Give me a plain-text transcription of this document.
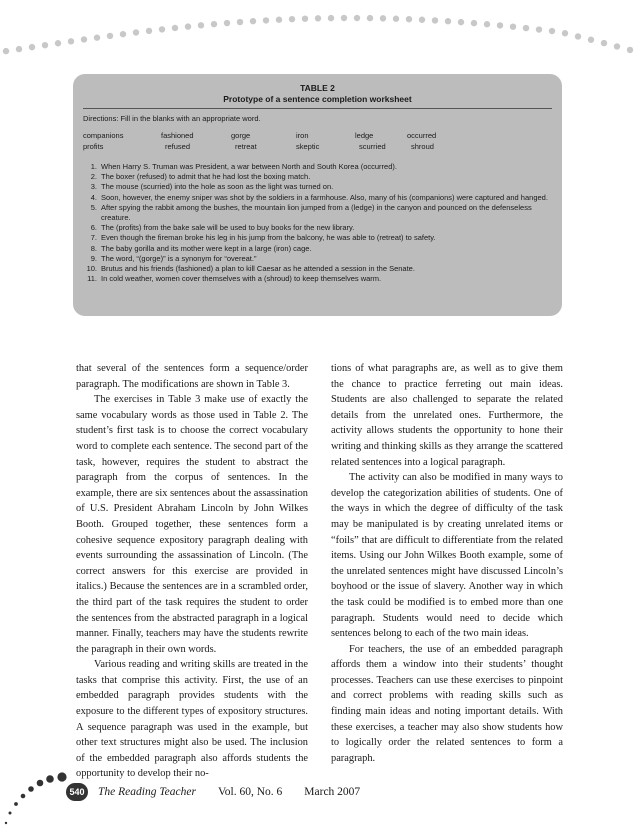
TABLE 2
Prototype of a sentence completion worksheet
Directions: Fill in the blanks with an appropriate word.
companions
profits
fashioned
refused
gorge
retreat
iron
skeptic
ledge
scurried
occurred
shroud
1. When Harry S. Truman was President, a war between North and South Korea (occurred).
2. The boxer (refused) to admit that he had lost the boxing match.
3. The mouse (scurried) into the hole as soon as the light was turned on.
4. Soon, however, the enemy sniper was shot by the soldiers in a farmhouse. Also, many of his (companions) were captured and hanged.
5. After spying the rabbit among the bushes, the mountain lion jumped from a (ledge) in the canyon and pounced on the defenseless creature.
6. The (profits) from the bake sale will be used to buy books for the new library.
7. Even though the fireman broke his leg in his jump from the balcony, he was able to (retreat) to safety.
8. The baby gorilla and its mother were kept in a large (iron) cage.
9. The word, “(gorge)” is a synonym for “overeat.”
10. Brutus and his friends (fashioned) a plan to kill Caesar as he attended a session in the Senate.
11. In cold weather, women cover themselves with a (shroud) to keep themselves warm.

that several of the sentences form a sequence/order paragraph. The modifications are shown in Table 3.

The exercises in Table 3 make use of exactly the same vocabulary words as those used in Table 2. The student’s first task is to choose the correct vocabulary word to complete each sentence. The second part of the task, however, requires the student to abstract the paragraph from the corpus of sentences. In the example, there are six sentences about the assassination of U.S. President Abraham Lincoln by John Wilkes Booth. Grouped together, these sentences form a cohesive sequence expository paragraph dealing with events surrounding the assassination of Lincoln. (The correct answers for this exercise are provided in italics.) Because the sentences are in a scrambled order, the third part of the task requires the student to order the sentences from the abstracted paragraph in a logical manner. Finally, teachers may have the students rewrite the paragraph in their own words.

Various reading and writing skills are treated in the tasks that comprise this activity. First, the use of an embedded paragraph provides students with the exposure to the different types of expository structures. A sequence paragraph was used in the example, but other text structures might also be used. The inclusion of the embedded paragraph also affords students the opportunity to develop their no-

tions of what paragraphs are, as well as to give them the chance to practice ferreting out main ideas. Students are also challenged to separate the related details from the unrelated ones. Furthermore, the activity allows students the opportunity to hone their writing and thinking skills as they arrange the scattered related sentences into a logical paragraph.

The activity can also be modified in many ways to develop the categorization abilities of students. One of the ways in which the degree of difficulty of the task may be manipulated is by creating unrelated items or “foils” that are difficult to differentiate from the related items. Using our John Wilkes Booth example, some of the unrelated sentences might have discussed Lincoln’s boyhood or the issue of slavery. Another way in which the task could be modified is to embed more than one paragraph. Students would need to decide which sentences belong to each of the two main ideas.

For teachers, the use of an embedded paragraph affords them a window into their students’ thought processes. Teachers can use these exercises to pinpoint and correct problems with reading skills such as finding main ideas and noting important details. With these exercises, a teacher may also show students how to logically order the related sentences to form a paragraph.

540	The Reading Teacher Vol. 60, No. 6 March 2007
